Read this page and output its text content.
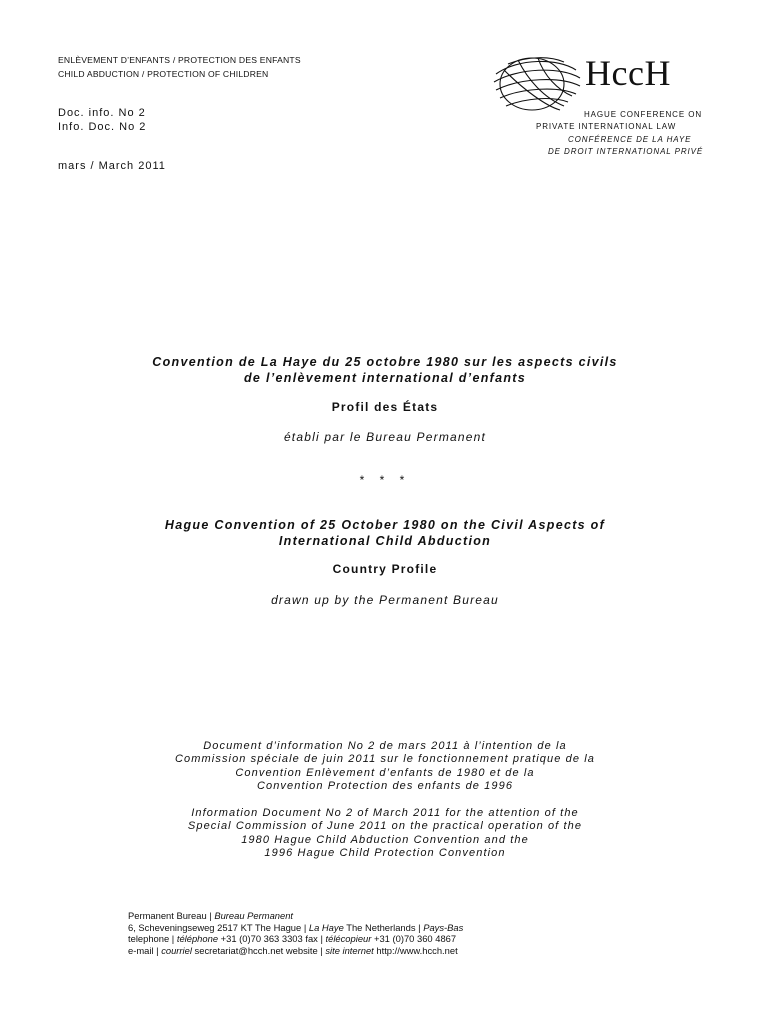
ENLÈVEMENT D’ENFANTS / PROTECTION DES ENFANTS
CHILD ABDUCTION / PROTECTION OF CHILDREN
Doc. info. No 2
Info. Doc. No 2
mars / March 2011
HccH
HAGUE CONFERENCE ON
PRIVATE INTERNATIONAL LAW
CONFÉRENCE DE LA HAYE
DE DROIT INTERNATIONAL PRIVÉ
Convention de La Haye du 25 octobre 1980 sur les aspects civils
de l’enlèvement international d’enfants
Profil des États
établi par le Bureau Permanent
* * *
Hague Convention of 25 October 1980 on the Civil Aspects of
International Child Abduction
Country Profile
drawn up by the Permanent Bureau
Document d’information No 2 de mars 2011 à l’intention de la
Commission spéciale de juin 2011 sur le fonctionnement pratique de la
Convention Enlèvement d’enfants de 1980 et de la
Convention Protection des enfants de 1996
Information Document No 2 of March 2011 for the attention of the
Special Commission of June 2011 on the practical operation of the
1980 Hague Child Abduction Convention and the
1996 Hague Child Protection Convention
Permanent Bureau | Bureau Permanent
6, Scheveningseweg 2517 KT The Hague | La Haye The Netherlands | Pays-Bas
telephone | téléphone +31 (0)70 363 3303 fax | télécopieur +31 (0)70 360 4867
e-mail | courriel secretariat@hcch.net website | site internet http://www.hcch.net
